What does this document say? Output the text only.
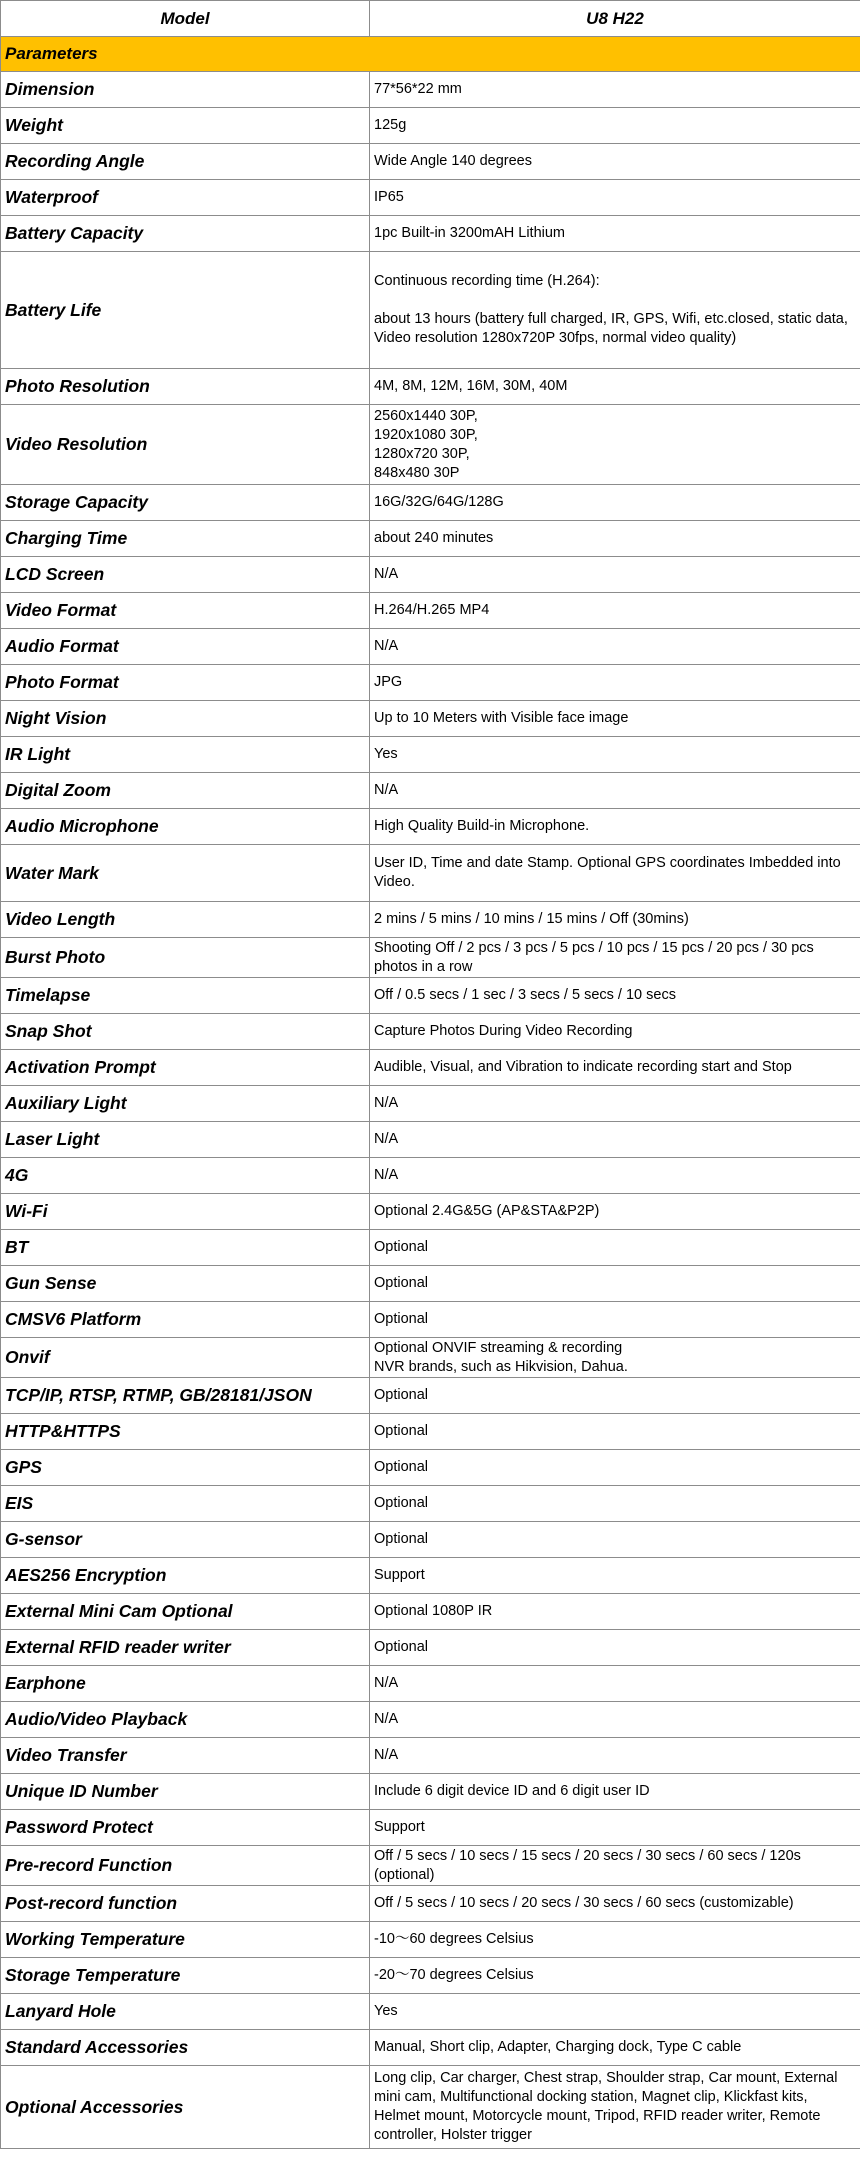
Model	U8 H22
Parameters	
Dimension	77*56*22 mm
Weight	125g
Recording Angle	Wide Angle 140 degrees
Waterproof	IP65
Battery Capacity	1pc Built-in 3200mAH Lithium
Battery Life	Continuous recording time (H.264):

about 13 hours (battery full charged, IR, GPS, Wifi, etc.closed, static data, Video resolution 1280x720P 30fps, normal video quality)
Photo Resolution	4M, 8M, 12M, 16M, 30M, 40M
Video Resolution	2560x1440 30P,
1920x1080 30P,
1280x720 30P,
848x480 30P
Storage Capacity	16G/32G/64G/128G
Charging Time	about 240 minutes
LCD Screen	N/A
Video Format	H.264/H.265 MP4
Audio Format	N/A
Photo Format	JPG
Night Vision	Up to 10 Meters with Visible face image
IR Light	Yes
Digital Zoom	N/A
Audio Microphone	High Quality Build-in Microphone.
Water Mark	User ID, Time and date Stamp. Optional GPS coordinates Imbedded into Video.
Video Length	2 mins / 5 mins / 10 mins / 15 mins / Off (30mins)
Burst Photo	Shooting Off / 2 pcs / 3 pcs / 5 pcs / 10 pcs / 15 pcs / 20 pcs / 30 pcs photos in a row
Timelapse	Off / 0.5 secs / 1 sec / 3 secs / 5 secs / 10 secs
Snap Shot	Capture Photos During Video Recording
Activation Prompt	Audible, Visual, and Vibration to indicate recording start and Stop
Auxiliary Light	N/A
Laser Light	N/A
4G	N/A
Wi-Fi	Optional 2.4G&5G (AP&STA&P2P)
BT	Optional
Gun Sense	Optional
CMSV6 Platform	Optional
Onvif	Optional ONVIF streaming & recording
NVR brands, such as Hikvision, Dahua.
TCP/IP, RTSP, RTMP, GB/28181/JSON	Optional
HTTP&HTTPS	Optional
GPS	Optional
EIS	Optional
G-sensor	Optional
AES256 Encryption	Support
External Mini Cam Optional	Optional 1080P IR
External RFID reader writer	Optional
Earphone	N/A
Audio/Video Playback	N/A
Video Transfer	N/A
Unique ID Number	Include 6 digit device ID and 6 digit user ID
Password Protect	Support
Pre-record Function	Off / 5 secs / 10 secs / 15 secs / 20 secs / 30 secs / 60 secs / 120s (optional)
Post-record function	Off / 5 secs / 10 secs / 20 secs / 30 secs / 60 secs (customizable)
Working Temperature	-10～60 degrees Celsius
Storage Temperature	-20～70 degrees Celsius
Lanyard Hole	Yes
Standard Accessories	Manual, Short clip, Adapter, Charging dock, Type C cable
Optional Accessories	Long clip, Car charger, Chest strap, Shoulder strap, Car mount, External mini cam, Multifunctional docking station, Magnet clip, Klickfast kits, Helmet mount, Motorcycle mount, Tripod, RFID reader writer, Remote controller, Holster trigger
